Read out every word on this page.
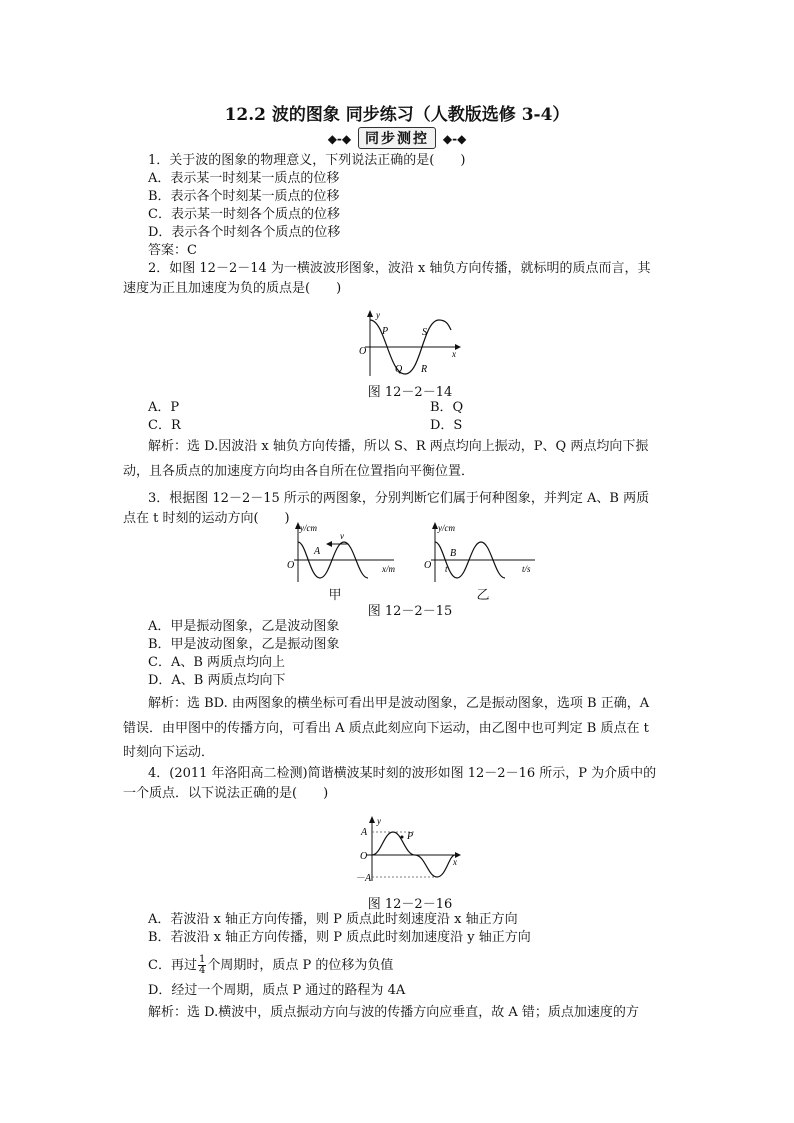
12.2 波的图象 同步练习（人教版选修 3-4）
◆-◆ 同步测控 ◆-◆
1．关于波的图象的物理意义，下列说法正确的是(　　)
A．表示某一时刻某一质点的位移
B．表示各个时刻某一质点的位移
C．表示某一时刻各个质点的位移
D．表示各个时刻各个质点的位移
答案：C
2．如图 12－2－14 为一横波波形图象，波沿 x 轴负方向传播，就标明的质点而言，其
速度为正且加速度为负的质点是(　　)
y
x
O
P
Q R
S
图 12－2－14
A．P	B．Q
C．R	D．S
解析：选 D.因波沿 x 轴负方向传播，所以 S、R 两点均向上振动，P、Q 两点均向下振
动，且各质点的加速度方向均由各自所在位置指向平衡位置．
3．根据图 12－2－15 所示的两图象，分别判断它们属于何种图象，并判定 A、B 两质
点在 t 时刻的运动方向(　　)
y/cm
x/m
O
A
v
甲
y/cm
t/s
O
B
t
乙
图 12－2－15
A．甲是振动图象，乙是波动图象
B．甲是波动图象，乙是振动图象
C．A、B 两质点均向上
D．A、B 两质点均向下
解析：选 BD. 由两图象的横坐标可看出甲是波动图象，乙是振动图象，选项 B 正确，A
错误．由甲图中的传播方向，可看出 A 质点此刻应向下运动，由乙图中也可判定 B 质点在 t
时刻向下运动．
4．(2011 年洛阳高二检测)简谐横波某时刻的波形如图 12－2－16 所示，P 为介质中的
一个质点．以下说法正确的是(　　)
y
x
O
A
－A
P
图 12－2－16
A．若波沿 x 轴正方向传播，则 P 质点此时刻速度沿 x 轴正方向
B．若波沿 x 轴正方向传播，则 P 质点此时刻加速度沿 y 轴正方向
C．再过 $\frac{1}{4}$ 个周期时，质点 P 的位移为负值
D．经过一个周期，质点 P 通过的路程为 4A
解析：选 D.横波中，质点振动方向与波的传播方向应垂直，故 A 错；质点加速度的方
